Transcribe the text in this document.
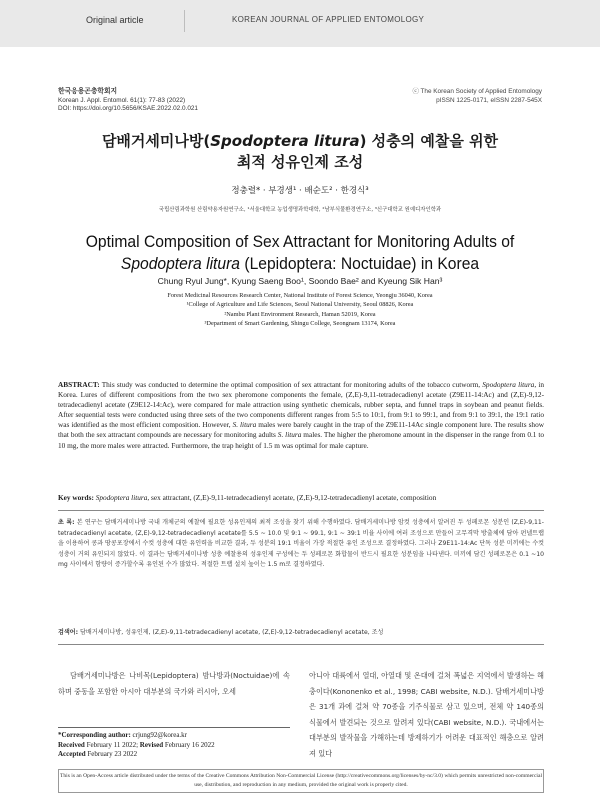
Original article	KOREAN JOURNAL OF APPLIED ENTOMOLOGY
한국응용곤충학회지
Korean J. Appl. Entomol. 61(1): 77-83 (2022)
DOI: https://doi.org/10.5656/KSAE.2022.02.0.021
ⓒ The Korean Society of Applied Entomology
pISSN 1225-0171, eISSN 2287-545X
담배거세미나방(Spodoptera litura) 성충의 예찰을 위한
최적 성유인제 조성
정충렬* · 부경생¹ · 배순도² · 한경식³
국립산림과학원 산림약용자원연구소, ¹서울대학교 농업생명과학대학, ²남부식물환경연구소, ³신구대학교 원예디자인학과
Optimal Composition of Sex Attractant for Monitoring Adults of
Spodoptera litura (Lepidoptera: Noctuidae) in Korea
Chung Ryul Jung*, Kyung Saeng Boo¹, Soondo Bae² and Kyeung Sik Han³
Forest Medicinal Resources Research Center, National Institute of Forest Science, Yeongju 36040, Korea
¹College of Agriculture and Life Sciences, Seoul National University, Seoul 08826, Korea
²Nambu Plant Environment Research, Haman 52019, Korea
³Department of Smart Gardening, Shingu College, Seongnam 13174, Korea
ABSTRACT: This study was conducted to determine the optimal composition of sex attractant for monitoring adults of the tobacco cutworm, Spodoptera litura, in Korea. Lures of different compositions from the two sex pheromone components the female, (Z,E)-9,11-tetradecadienyl acetate (Z9E11-14:Ac) and (Z,E)-9,12-tetradecadienyl acetate (Z9E12-14:Ac), were compared for male attraction using synthetic chemicals, rubber septa, and funnel traps in soybean and peanut fields. After sequential tests were conducted using three sets of the two components different ranges from 5:5 to 10:1, from 9:1 to 99:1, and from 9:1 to 39:1, the 19:1 ratio was identified as the most efficient composition. However, S. litura males were barely caught in the trap of the Z9E11-14Ac single component lure. The results show that both the sex attractant compounds are necessary for monitoring adults S. litura males. The higher the pheromone amount in the dispenser in the range from 0.1 to 10 mg, the more males were attracted. Furthermore, the trap height of 1.5 m was optimal for male capture.
Key words: Spodoptera litura, sex attractant, (Z,E)-9,11-tetradecadienyl acetate, (Z,E)-9,12-tetradecadienyl acetate, composition
초 록: 본 연구는 담배거세미나방 국내 개체군의 예찰에 필요한 성유인제의 최적 조성을 찾기 위해 수행하였다. 담배거세미나방 암컷 성충에서 알려진 두 성페로몬 성분인 (Z,E)-9,11-tetradecadienyl acetate, (Z,E)-9,12-tetradecadienyl acetate를 5.5 ~ 10.0 및 9:1 ~ 99.1, 9:1 ~ 39:1 비율 사이에 여러 조성으로 만들어 고무격막 방출체에 담아 펀넬트랩을 이용하여 콩과 땅콩포장에서 수컷 성충에 대한 유인력을 비교한 결과, 두 성분의 19:1 비율이 가장 적절한 유인 조성으로 결정하였다. 그러나 Z9E11-14:Ac 단독 성분 미끼에는 수컷 성충이 거의 유인되지 않았다. 이 결과는 담배거세미나방 성충 예찰용의 성유인제 구성에는 두 성페로몬 화합물이 반드시 필요한 성분임을 나타낸다. 미끼에 담긴 성페로몬은 0.1 ~10 mg 사이에서 함량이 증가할수록 유인된 수가 많았다. 적절한 트랩 설치 높이는 1.5 m로 결정하였다.
검색어: 담배거세미나방, 성유인제, (Z,E)-9,11-tetradecadienyl acetate, (Z,E)-9,12-tetradecadienyl acetate, 조성
담배거세미나방은 나비목(Lepidoptera) 밤나방과(Noctuidae)에 속하며 중동을 포함한 아시아 대부분의 국가와 러시아, 오세
아니아 대륙에서 열대, 아열대 및 온대에 걸쳐 폭넓은 지역에서 발생하는 해충이다(Kononenko et al., 1998; CABI website, N.D.). 담배거세미나방은 31개 과에 걸쳐 약 70종을 기주식물로 삼고 있으며, 전체 약 140종의 식물에서 발견되는 것으로 알려져 있다(CABI website, N.D.). 국내에서는 대부분의 발작물을 가해하는데 방제하기가 어려운 대표적인 해충으로 알려져 있다
*Corresponding author: crjung92@korea.kr
Received February 11 2022; Revised February 16 2022
Accepted February 23 2022
This is an Open-Access article distributed under the terms of the Creative Commons Attribution Non-Commercial License (http://creativecommons.org/licenses/by-nc/3.0) which permits unrestricted non-commercial use, distribution, and reproduction in any medium, provided the original work is properly cited.
